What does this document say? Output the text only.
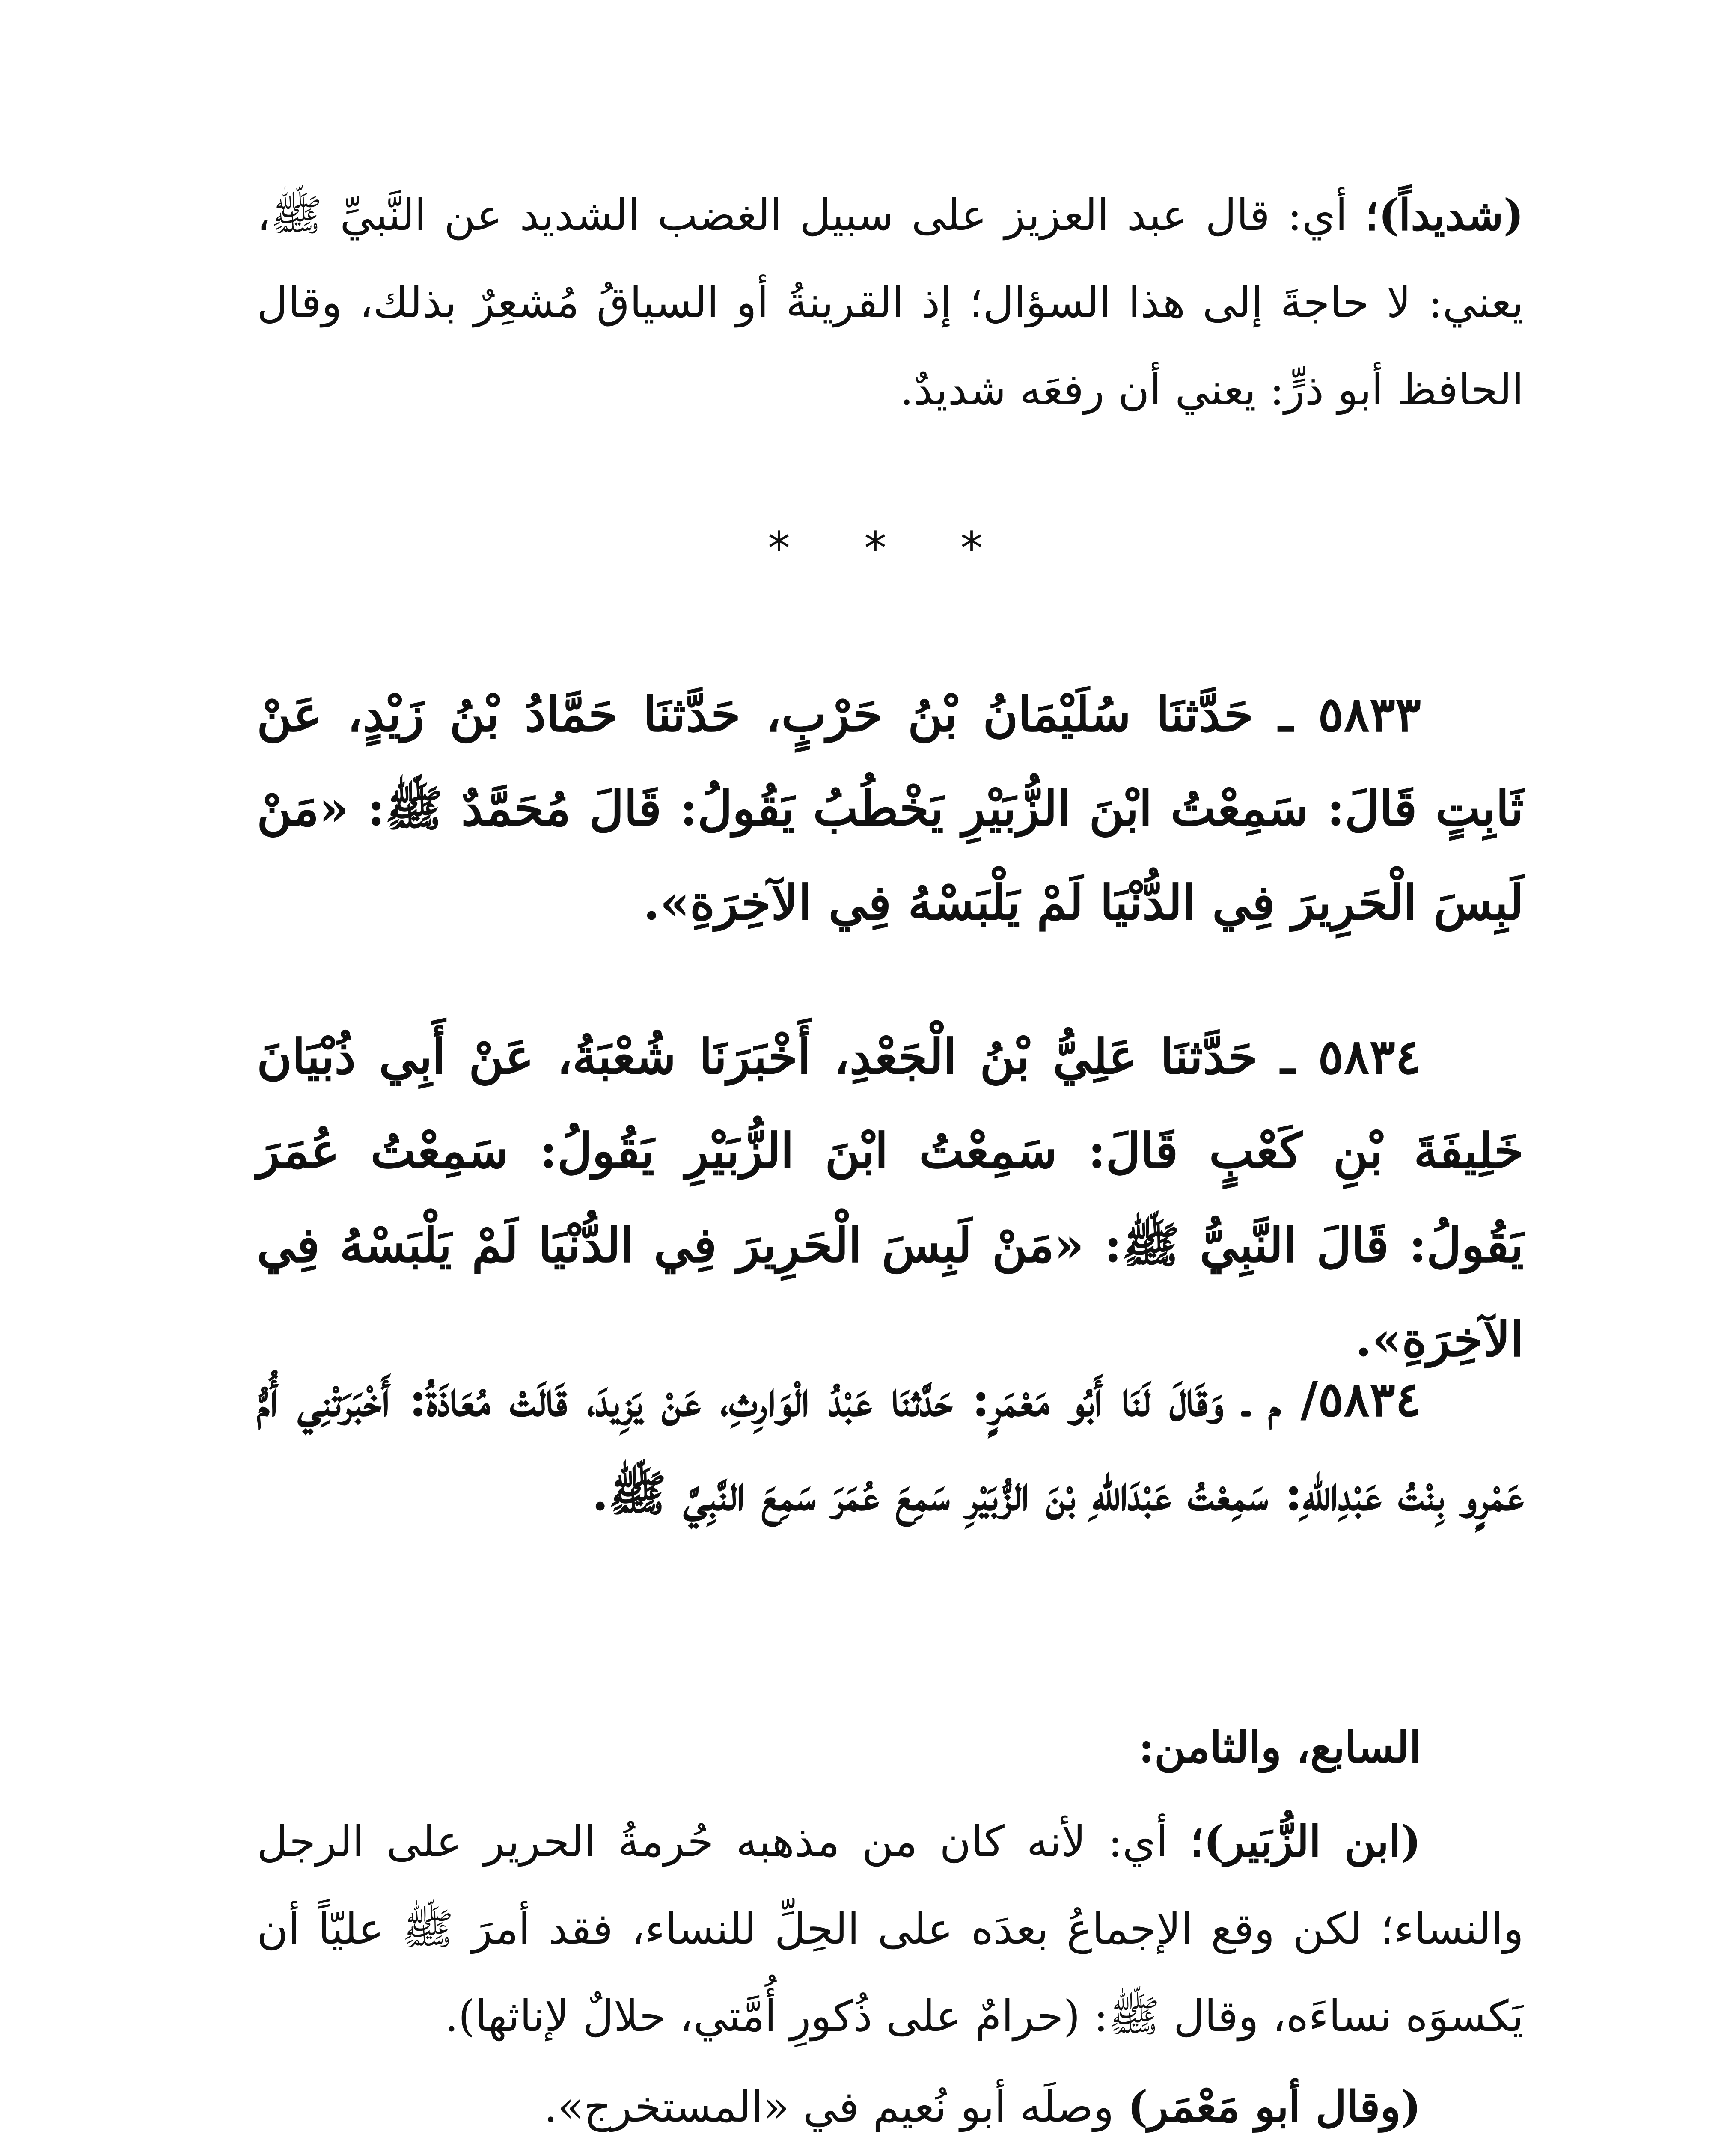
(شديداً)؛ أي: قال عبد العزيز على سبيل الغضب الشديد عن النَّبيِّ ﷺ، يعني: لا حاجةَ إلى هذا السؤال؛ إذ القرينةُ أو السياقُ مُشعِرٌ بذلك، وقال الحافظ أبو ذرٍّ: يعني أن رفعَه شديدٌ.

* * *

٥٨٣٣ ـ حَدَّثنَا سُلَيْمَانُ بْنُ حَرْبٍ، حَدَّثنَا حَمَّادُ بْنُ زَيْدٍ، عَنْ ثَابِتٍ قَالَ: سَمِعْتُ ابْنَ الزُّبَيْرِ يَخْطُبُ يَقُولُ: قَالَ مُحَمَّدٌ ﷺ: «مَنْ لَبِسَ الْحَرِيرَ فِي الدُّنْيَا لَمْ يَلْبَسْهُ فِي الآخِرَةِ».

٥٨٣٤ ـ حَدَّثنَا عَلِيُّ بْنُ الْجَعْدِ، أَخْبَرَنَا شُعْبَةُ، عَنْ أَبِي ذُبْيَانَ خَلِيفَةَ بْنِ كَعْبٍ قَالَ: سَمِعْتُ ابْنَ الزُّبَيْرِ يَقُولُ: سَمِعْتُ عُمَرَ يَقُولُ: قَالَ النَّبِيُّ ﷺ: «مَنْ لَبِسَ الْحَرِيرَ فِي الدُّنْيَا لَمْ يَلْبَسْهُ فِي الآخِرَةِ».

٥٨٣٤/ م ـ وَقَالَ لَنَا أَبُو مَعْمَرٍ: حَدَّثنَا عَبْدُ الْوَارِثِ، عَنْ يَزِيدَ، قَالَتْ مُعَاذَةُ: أَخْبَرَتْنِي أُمُّ عَمْرٍو بِنْتُ عَبْدِاللهِ: سَمِعْتُ عَبْدَاللهِ بْنَ الزُّبَيْرِ سَمِعَ عُمَرَ سَمِعَ النَّبِيَّ ﷺ.

السابع، والثامن:

(ابن الزُّبَير)؛ أي: لأنه كان من مذهبه حُرمةُ الحرير على الرجل والنساء؛ لكن وقع الإجماعُ بعدَه على الحِلِّ للنساء، فقد أمرَ ﷺ عليّاً أن يَكسوَه نساءَه، وقال ﷺ: (حرامٌ على ذُكورِ أُمَّتي، حلالٌ لإناثها).

(وقال أبو مَعْمَر) وصلَه أبو نُعيم في «المستخرج».
